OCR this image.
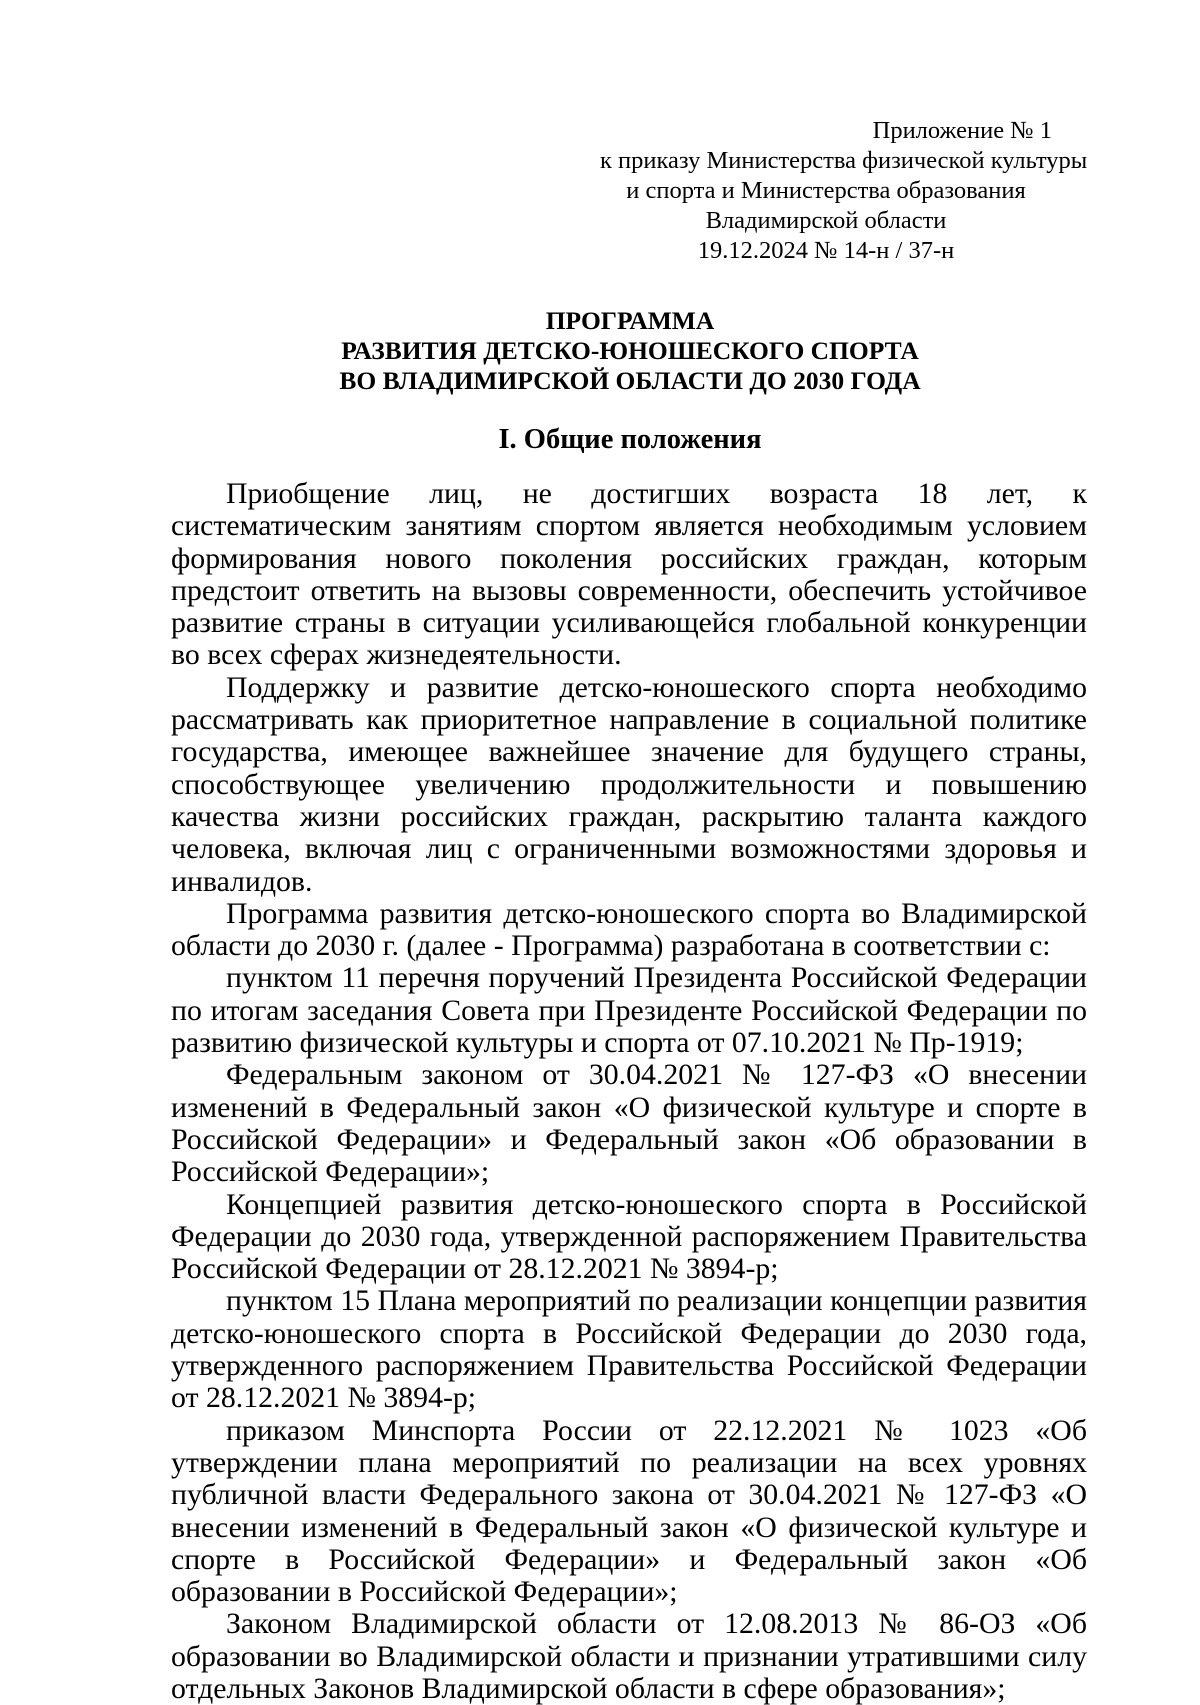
Приложение № 1
к приказу Министерства физической культуры
и спорта и Министерства образования
Владимирской области
19.12.2024 № 14-н / 37-н
ПРОГРАММА
РАЗВИТИЯ ДЕТСКО-ЮНОШЕСКОГО СПОРТА
ВО ВЛАДИМИРСКОЙ ОБЛАСТИ ДО 2030 ГОДА
I. Общие положения

Приобщение лиц, не достигших возраста 18 лет, к систематическим занятиям спортом является необходимым условием формирования нового поколения российских граждан, которым предстоит ответить на вызовы современности, обеспечить устойчивое развитие страны в ситуации усиливающейся глобальной конкуренции во всех сферах жизнедеятельности.

Поддержку и развитие детско-юношеского спорта необходимо рассматривать как приоритетное направление в социальной политике государства, имеющее важнейшее значение для будущего страны, способствующее увеличению продолжительности и повышению качества жизни российских граждан, раскрытию таланта каждого человека, включая лиц с ограниченными возможностями здоровья и инвалидов.

Программа развития детско-юношеского спорта во Владимирской области до 2030 г. (далее - Программа) разработана в соответствии с:

пунктом 11 перечня поручений Президента Российской Федерации по итогам заседания Совета при Президенте Российской Федерации по развитию физической культуры и спорта от 07.10.2021 № Пр-1919;

Федеральным законом от 30.04.2021 № 127-ФЗ «О внесении изменений в Федеральный закон «О физической культуре и спорте в Российской Федерации» и Федеральный закон «Об образовании в Российской Федерации»;

Концепцией развития детско-юношеского спорта в Российской Федерации до 2030 года, утвержденной распоряжением Правительства Российской Федерации от 28.12.2021 № 3894-р;

пунктом 15 Плана мероприятий по реализации концепции развития детско-юношеского спорта в Российской Федерации до 2030 года, утвержденного распоряжением Правительства Российской Федерации от 28.12.2021 № 3894-р;

приказом Минспорта России от 22.12.2021 № 1023 «Об утверждении плана мероприятий по реализации на всех уровнях публичной власти Федерального закона от 30.04.2021 № 127-ФЗ «О внесении изменений в Федеральный закон «О физической культуре и спорте в Российской Федерации» и Федеральный закон «Об образовании в Российской Федерации»;

Законом Владимирской области от 12.08.2013 № 86-ОЗ «Об образовании во Владимирской области и признании утратившими силу отдельных Законов Владимирской области в сфере образования»;
